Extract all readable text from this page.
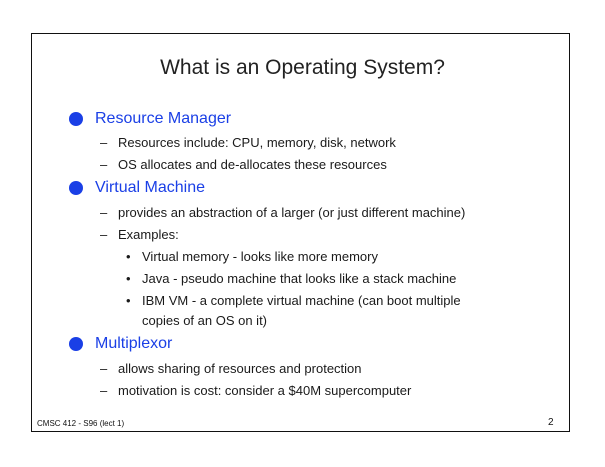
What is an Operating System?
Resource Manager
– Resources include: CPU, memory, disk, network
– OS allocates and de-allocates these resources
Virtual Machine
– provides an abstraction of a larger (or just different machine)
– Examples:
• Virtual memory - looks like more memory
• Java - pseudo machine that looks like a stack machine
• IBM VM - a complete virtual machine (can boot multiple
copies of an OS on it)
Multiplexor
– allows sharing of resources and protection
– motivation is cost: consider a $40M supercomputer
CMSC 412 - S96 (lect 1)	2
